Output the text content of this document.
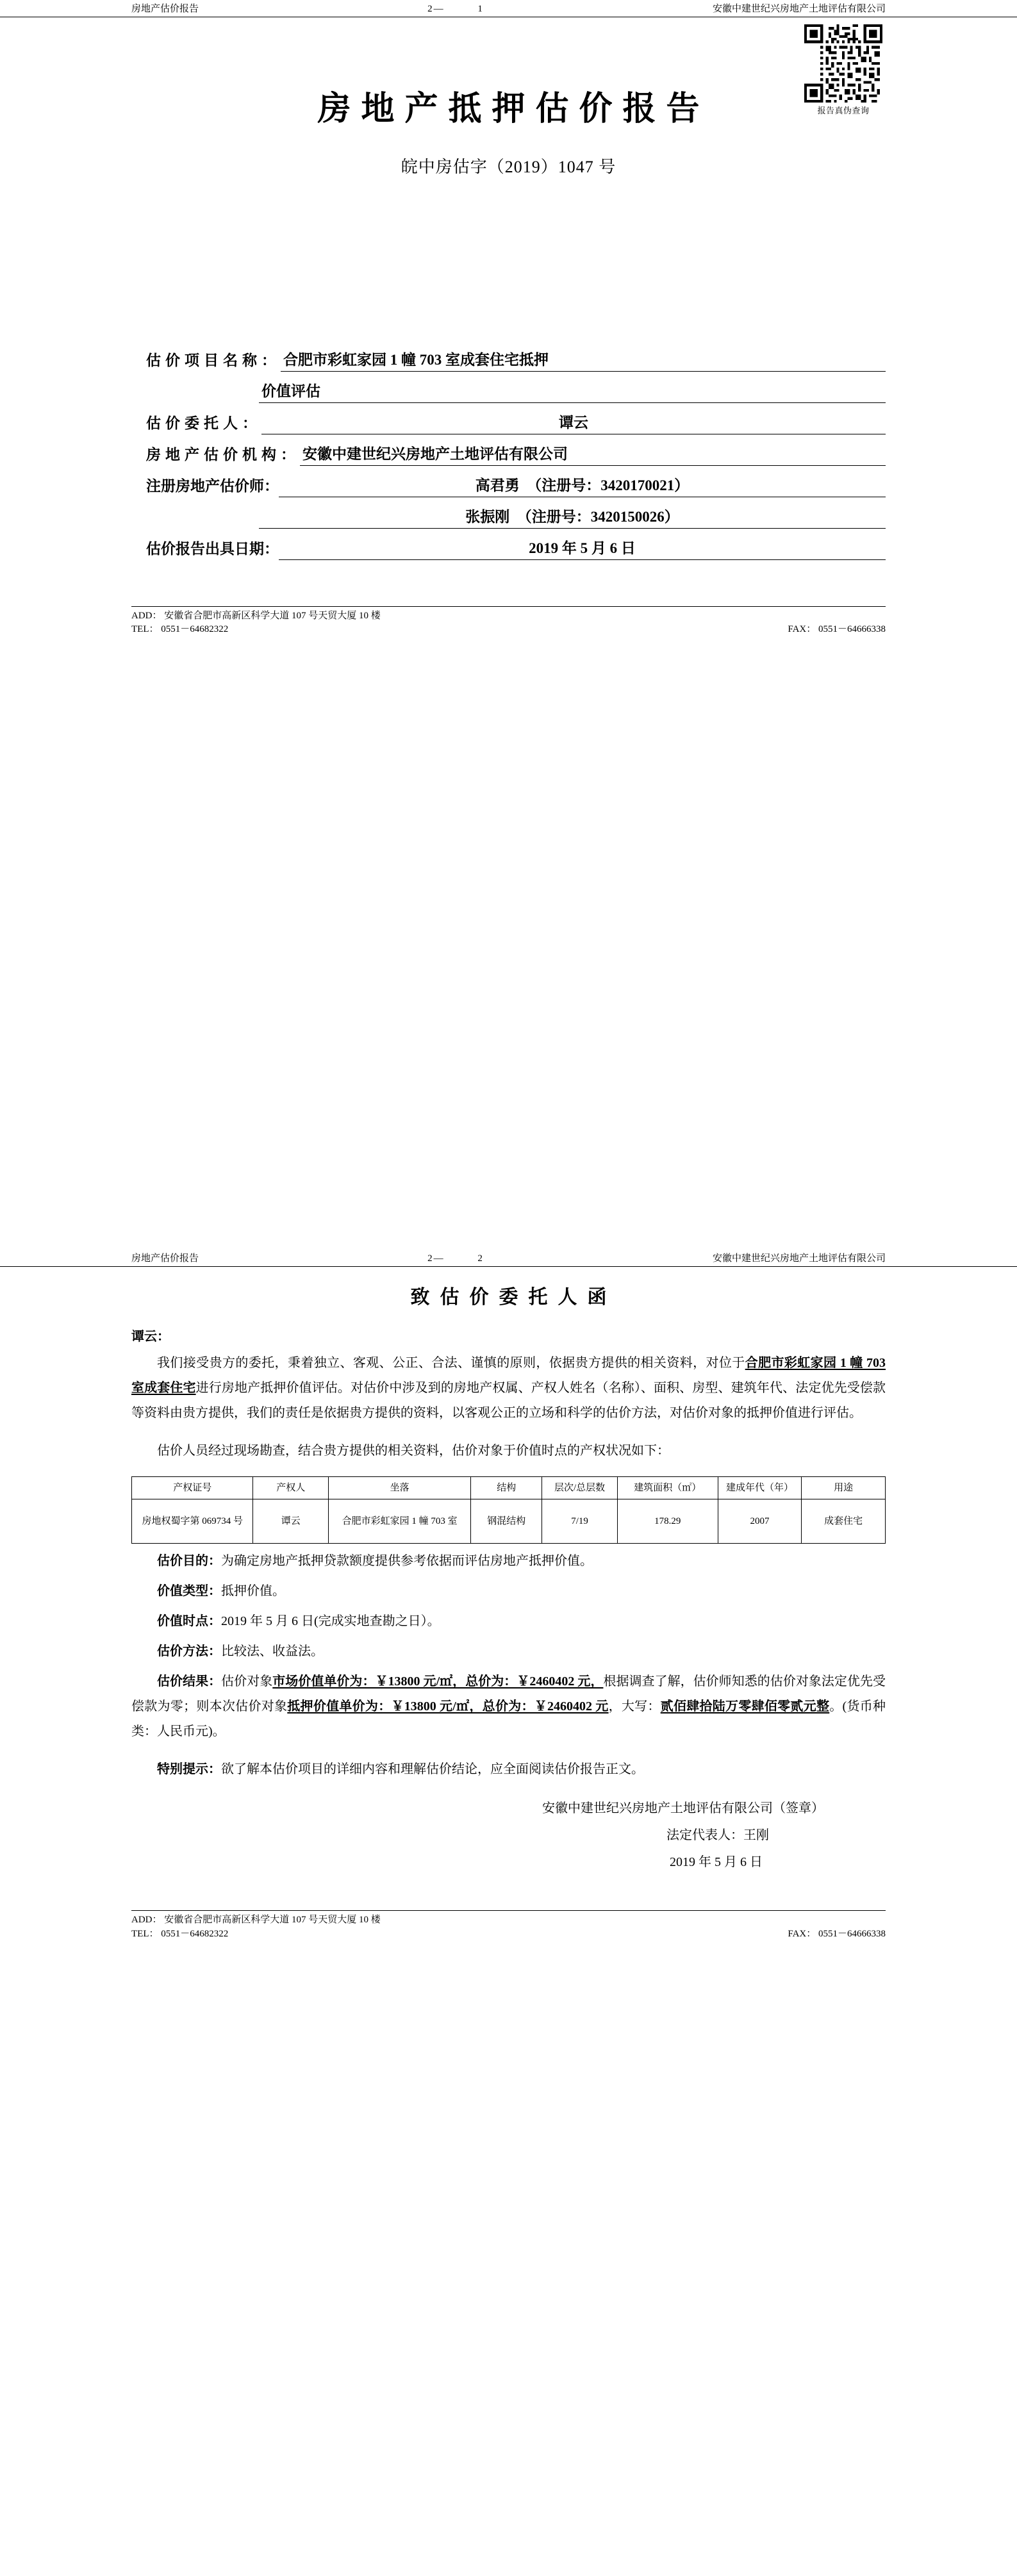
房地产估价报告	2—	1	安徽中建世纪兴房地产土地评估有限公司
报告真伪查询
房地产抵押估价报告
皖中房估字（2019）1047 号
估价项目名称： 合肥市彩虹家园 1 幢 703 室成套住宅抵押
价值评估
估价委托人：	谭云
房地产估价机构： 安徽中建世纪兴房地产土地评估有限公司
注册房地产估价师：	高君勇　（注册号：3420170021）
张振刚　（注册号：3420150026）
估价报告出具日期：	2019 年 5 月 6 日
ADD： 安徽省合肥市高新区科学大道 107 号天贸大厦 10 楼
TEL： 0551－64682322	FAX： 0551－64666338
房地产估价报告	2—	2	安徽中建世纪兴房地产土地评估有限公司
致估价委托人函
谭云：

我们接受贵方的委托，秉着独立、客观、公正、合法、谨慎的原则，依据贵方提供的相关资料，对位于合肥市彩虹家园 1 幢 703 室成套住宅进行房地产抵押价值评估。对估价中涉及到的房地产权属、产权人姓名（名称）、面积、房型、建筑年代、法定优先受偿款等资料由贵方提供，我们的责任是依据贵方提供的资料，以客观公正的立场和科学的估价方法，对估价对象的抵押价值进行评估。

估价人员经过现场勘查，结合贵方提供的相关资料，估价对象于价值时点的产权状况如下：

产权证号	产权人	坐落	结构	层次/总层数	建筑面积（㎡）	建成年代（年）	用途
房地权蜀字第 069734 号	谭云	合肥市彩虹家园 1 幢 703 室	钢混结构	7/19	178.29	2007	成套住宅
估价目的：为确定房地产抵押贷款额度提供参考依据而评估房地产抵押价值。
价值类型：抵押价值。
价值时点：2019 年 5 月 6 日(完成实地查勘之日）。
估价方法：比较法、收益法。

估价结果：估价对象市场价值单价为：￥13800 元/㎡，总价为：￥2460402 元，根据调查了解，估价师知悉的估价对象法定优先受偿款为零；则本次估价对象抵押价值单价为：￥13800 元/㎡，总价为：￥2460402 元，大写：贰佰肆拾陆万零肆佰零贰元整。(货币种类：人民币元)。

特别提示：欲了解本估价项目的详细内容和理解估价结论，应全面阅读估价报告正文。

安徽中建世纪兴房地产土地评估有限公司（签章）
法定代表人：王刚
2019 年 5 月 6 日
ADD： 安徽省合肥市高新区科学大道 107 号天贸大厦 10 楼
TEL： 0551－64682322	FAX： 0551－64666338
